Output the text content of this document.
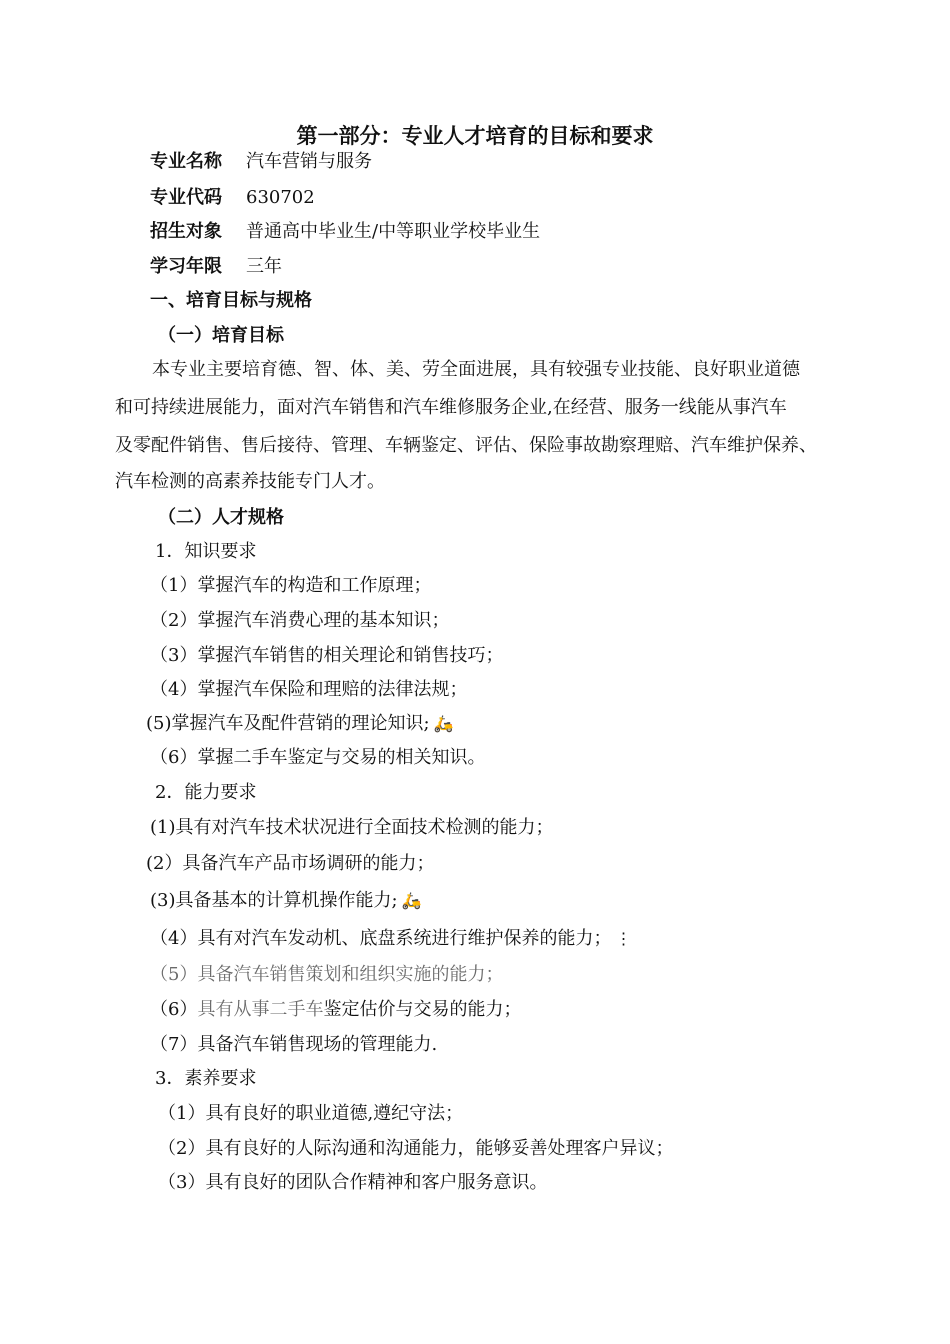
第一部分：专业人才培育的目标和要求
专业名称 汽车营销与服务
专业代码 630702
招生对象 普通高中毕业生/中等职业学校毕业生
学习年限 三年
一、培育目标与规格
（一）培育目标
本专业主要培育德、智、体、美、劳全面进展，具有较强专业技能、良好职业道德
和可持续进展能力，面对汽车销售和汽车维修服务企业,在经营、服务一线能从事汽车
及零配件销售、售后接待、管理、车辆鉴定、评估、保险事故勘察理赔、汽车维护保养、
汽车检测的高素养技能专门人才。
（二）人才规格
1．知识要求
（1）掌握汽车的构造和工作原理；
（2）掌握汽车消费心理的基本知识；
（3）掌握汽车销售的相关理论和销售技巧；
（4）掌握汽车保险和理赔的法律法规；
(5)掌握汽车及配件营销的理论知识; 🛵
（6）掌握二手车鉴定与交易的相关知识。
2．能力要求
(1)具有对汽车技术状况进行全面技术检测的能力；
(2）具备汽车产品市场调研的能力；
(3)具备基本的计算机操作能力; 🛵
（4）具有对汽车发动机、底盘系统进行维护保养的能力； ⋮
（5）具备汽车销售策划和组织实施的能力；
（6）具有从事二手车鉴定估价与交易的能力；
（7）具备汽车销售现场的管理能力.
3．素养要求
（1）具有良好的职业道德,遵纪守法；
（2）具有良好的人际沟通和沟通能力，能够妥善处理客户异议；
（3）具有良好的团队合作精神和客户服务意识。
